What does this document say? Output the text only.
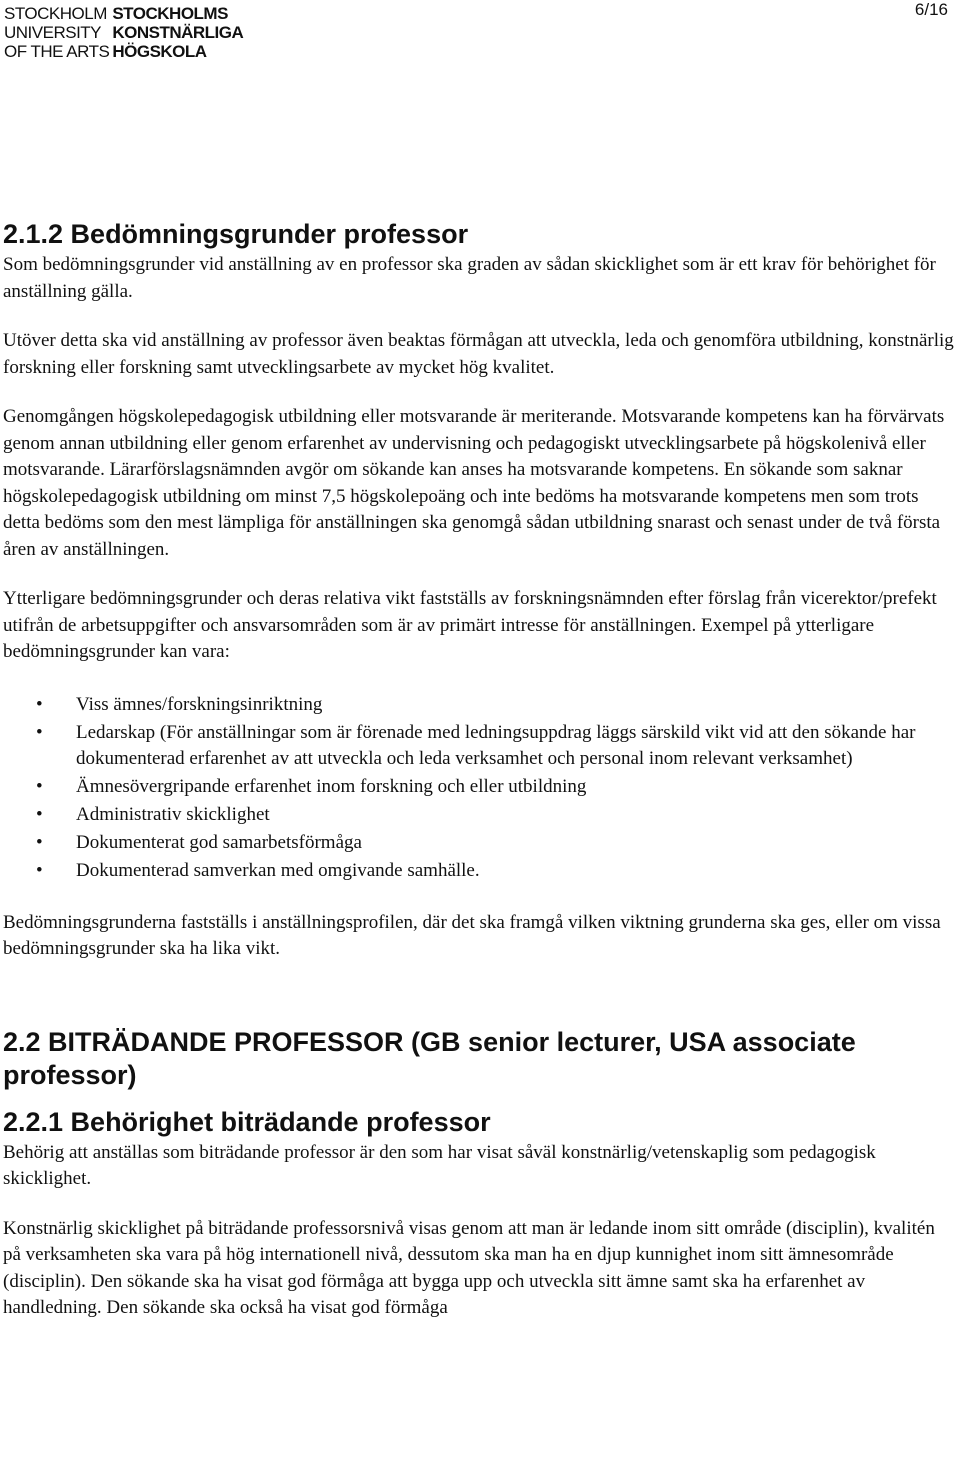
STOCKHOLM
UNIVERSITY
OF THE ARTS
STOCKHOLMS
KONSTNÄRLIGA
HÖGSKOLA
6/16
2.1.2 Bedömningsgrunder professor

Som bedömningsgrunder vid anställning av en professor ska graden av sådan skicklighet som är ett krav för behörighet för anställning gälla.

Utöver detta ska vid anställning av professor även beaktas förmågan att utveckla, leda och genomföra utbildning, konstnärlig forskning eller forskning samt utvecklingsarbete av mycket hög kvalitet.

Genomgången högskolepedagogisk utbildning eller motsvarande är meriterande. Motsvarande kompetens kan ha förvärvats genom annan utbildning eller genom erfarenhet av undervisning och pedagogiskt utvecklingsarbete på högskolenivå eller motsvarande. Lärarförslagsnämnden avgör om sökande kan anses ha motsvarande kompetens. En sökande som saknar högskolepedagogisk utbildning om minst 7,5 högskolepoäng och inte bedöms ha motsvarande kompetens men som trots detta bedöms som den mest lämpliga för anställningen ska genomgå sådan utbildning snarast och senast under de två första åren av anställningen.

Ytterligare bedömningsgrunder och deras relativa vikt fastställs av forskningsnämnden efter förslag från vicerektor/prefekt utifrån de arbetsuppgifter och ansvarsområden som är av primärt intresse för anställningen. Exempel på ytterligare bedömningsgrunder kan vara:

• Viss ämnes/forskningsinriktning
• Ledarskap (För anställningar som är förenade med ledningsuppdrag läggs särskild vikt vid att den sökande har dokumenterad erfarenhet av att utveckla och leda verksamhet och personal inom relevant verksamhet)
• Ämnesövergripande erfarenhet inom forskning och eller utbildning
• Administrativ skicklighet
• Dokumenterat god samarbetsförmåga
• Dokumenterad samverkan med omgivande samhälle.

Bedömningsgrunderna fastställs i anställningsprofilen, där det ska framgå vilken viktning grunderna ska ges, eller om vissa bedömningsgrunder ska ha lika vikt.

2.2 BITRÄDANDE PROFESSOR (GB senior lecturer, USA associate professor)
2.2.1 Behörighet biträdande professor

Behörig att anställas som biträdande professor är den som har visat såväl konstnärlig/vetenskaplig som pedagogisk skicklighet.

Konstnärlig skicklighet på biträdande professorsnivå visas genom att man är ledande inom sitt område (disciplin), kvalitén på verksamheten ska vara på hög internationell nivå, dessutom ska man ha en djup kunnighet inom sitt ämnesområde (disciplin). Den sökande ska ha visat god förmåga att bygga upp och utveckla sitt ämne samt ska ha erfarenhet av handledning. Den sökande ska också ha visat god förmåga
